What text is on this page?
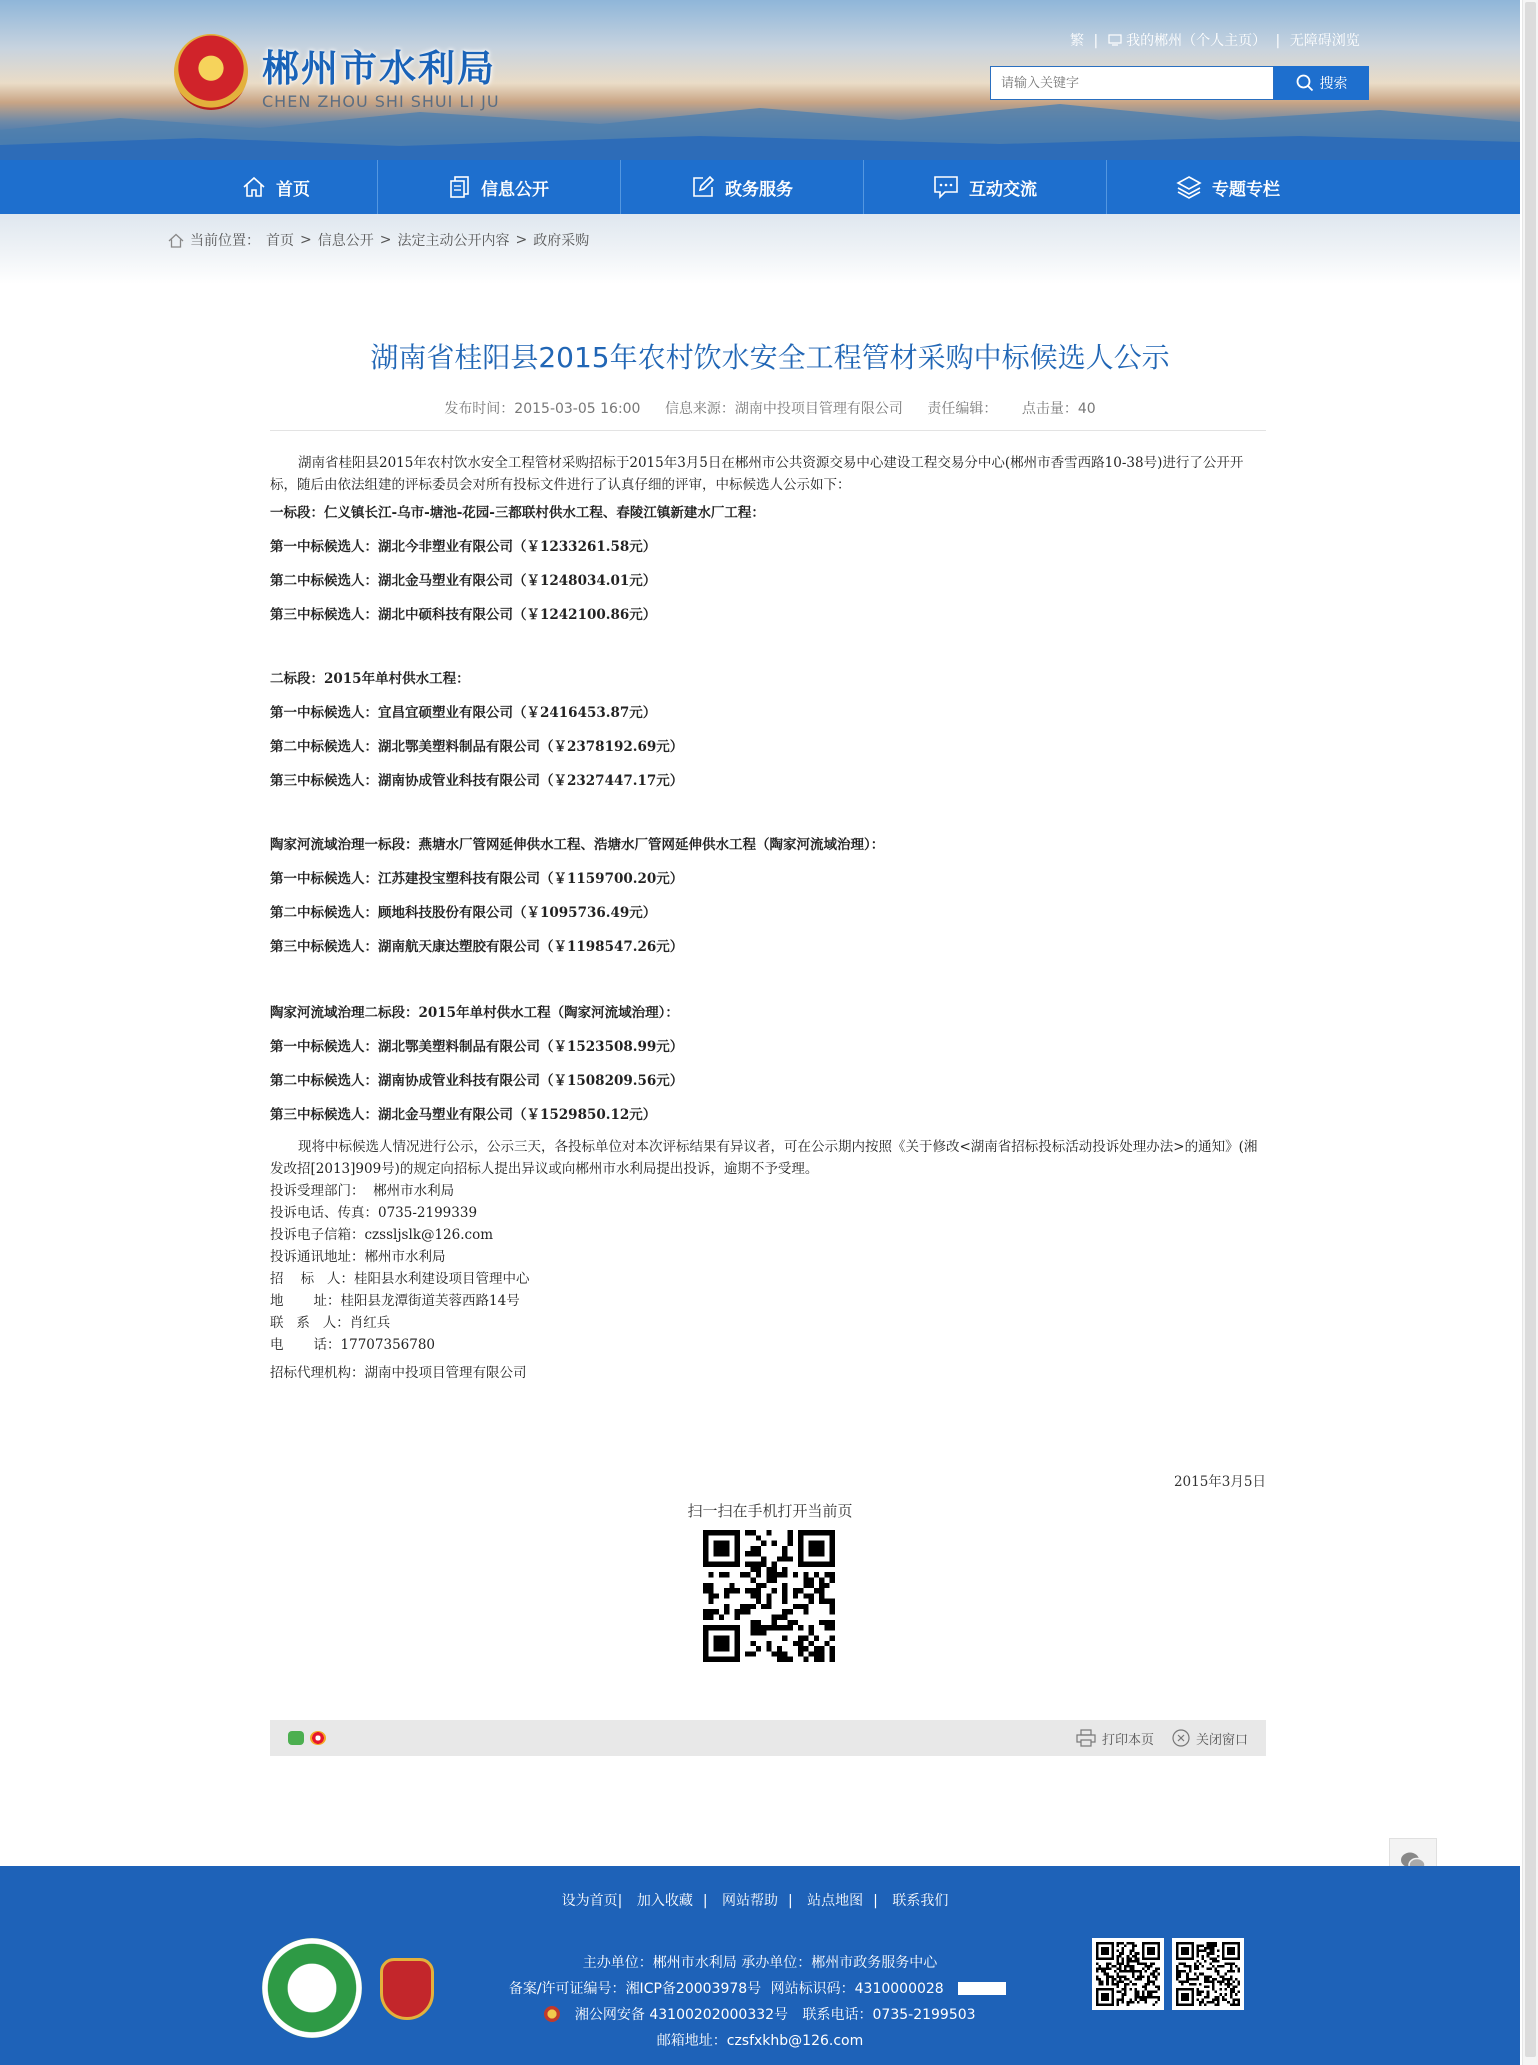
郴州市水利局
CHEN ZHOU SHI SHUI LI JU
繁 | 我的郴州（个人主页） | 无障碍浏览
请输入关键字
搜索
首页	信息公开	政务服务	互动交流	专题专栏
当前位置： 首页 > 信息公开 > 法定主动公开内容 > 政府采购
湖南省桂阳县2015年农村饮水安全工程管材采购中标候选人公示
发布时间：2015-03-05 16:00 信息来源：湖南中投项目管理有限公司 责任编辑： 点击量：40

湖南省桂阳县2015年农村饮水安全工程管材采购招标于2015年3月5日在郴州市公共资源交易中心建设工程交易分中心(郴州市香雪西路10-38号)进行了公开开标，随后由依法组建的评标委员会对所有投标文件进行了认真仔细的评审，中标候选人公示如下：

一标段：仁义镇长江-乌市-塘池-花园-三都联村供水工程、春陵江镇新建水厂工程：

第一中标候选人：湖北今非塑业有限公司（￥1233261.58元）

第二中标候选人：湖北金马塑业有限公司（￥1248034.01元）

第三中标候选人：湖北中硕科技有限公司（￥1242100.86元）

二标段：2015年单村供水工程：

第一中标候选人：宜昌宜硕塑业有限公司（￥2416453.87元）

第二中标候选人：湖北鄂美塑料制品有限公司（￥2378192.69元）

第三中标候选人：湖南协成管业科技有限公司（￥2327447.17元）

陶家河流域治理一标段：燕塘水厂管网延伸供水工程、浩塘水厂管网延伸供水工程（陶家河流域治理）：

第一中标候选人：江苏建投宝塑科技有限公司（￥1159700.20元）

第二中标候选人：顾地科技股份有限公司（￥1095736.49元）

第三中标候选人：湖南航天康达塑胶有限公司（￥1198547.26元）

陶家河流域治理二标段：2015年单村供水工程（陶家河流域治理）：

第一中标候选人：湖北鄂美塑料制品有限公司（￥1523508.99元）

第二中标候选人：湖南协成管业科技有限公司（￥1508209.56元）

第三中标候选人：湖北金马塑业有限公司（￥1529850.12元）

现将中标候选人情况进行公示，公示三天，各投标单位对本次评标结果有异议者，可在公示期内按照《关于修改<湖南省招标投标活动投诉处理办法>的通知》(湘发改招[2013]909号)的规定向招标人提出异议或向郴州市水利局提出投诉，逾期不予受理。

投诉受理部门：  郴州市水利局

投诉电话、传真：0735-2199339

投诉电子信箱：czssljslk@126.com

投诉通讯地址：郴州市水利局

招    标   人：桂阳县水利建设项目管理中心

地       址：桂阳县龙潭街道芙蓉西路14号

联   系   人：肖红兵

电       话：17707356780

招标代理机构：湖南中投项目管理有限公司

2015年3月5日
扫一扫在手机打开当前页
打印本页	关闭窗口
设为首页| 加入收藏 | 网站帮助 | 站点地图 | 联系我们
主办单位：郴州市水利局 承办单位：郴州市政务服务中心
备案/许可证编号：湘ICP备20003978号 网站标识码：4310000028
湘公网安备 43100202000332号 联系电话：0735-2199503
邮箱地址：czsfxkhb@126.com
